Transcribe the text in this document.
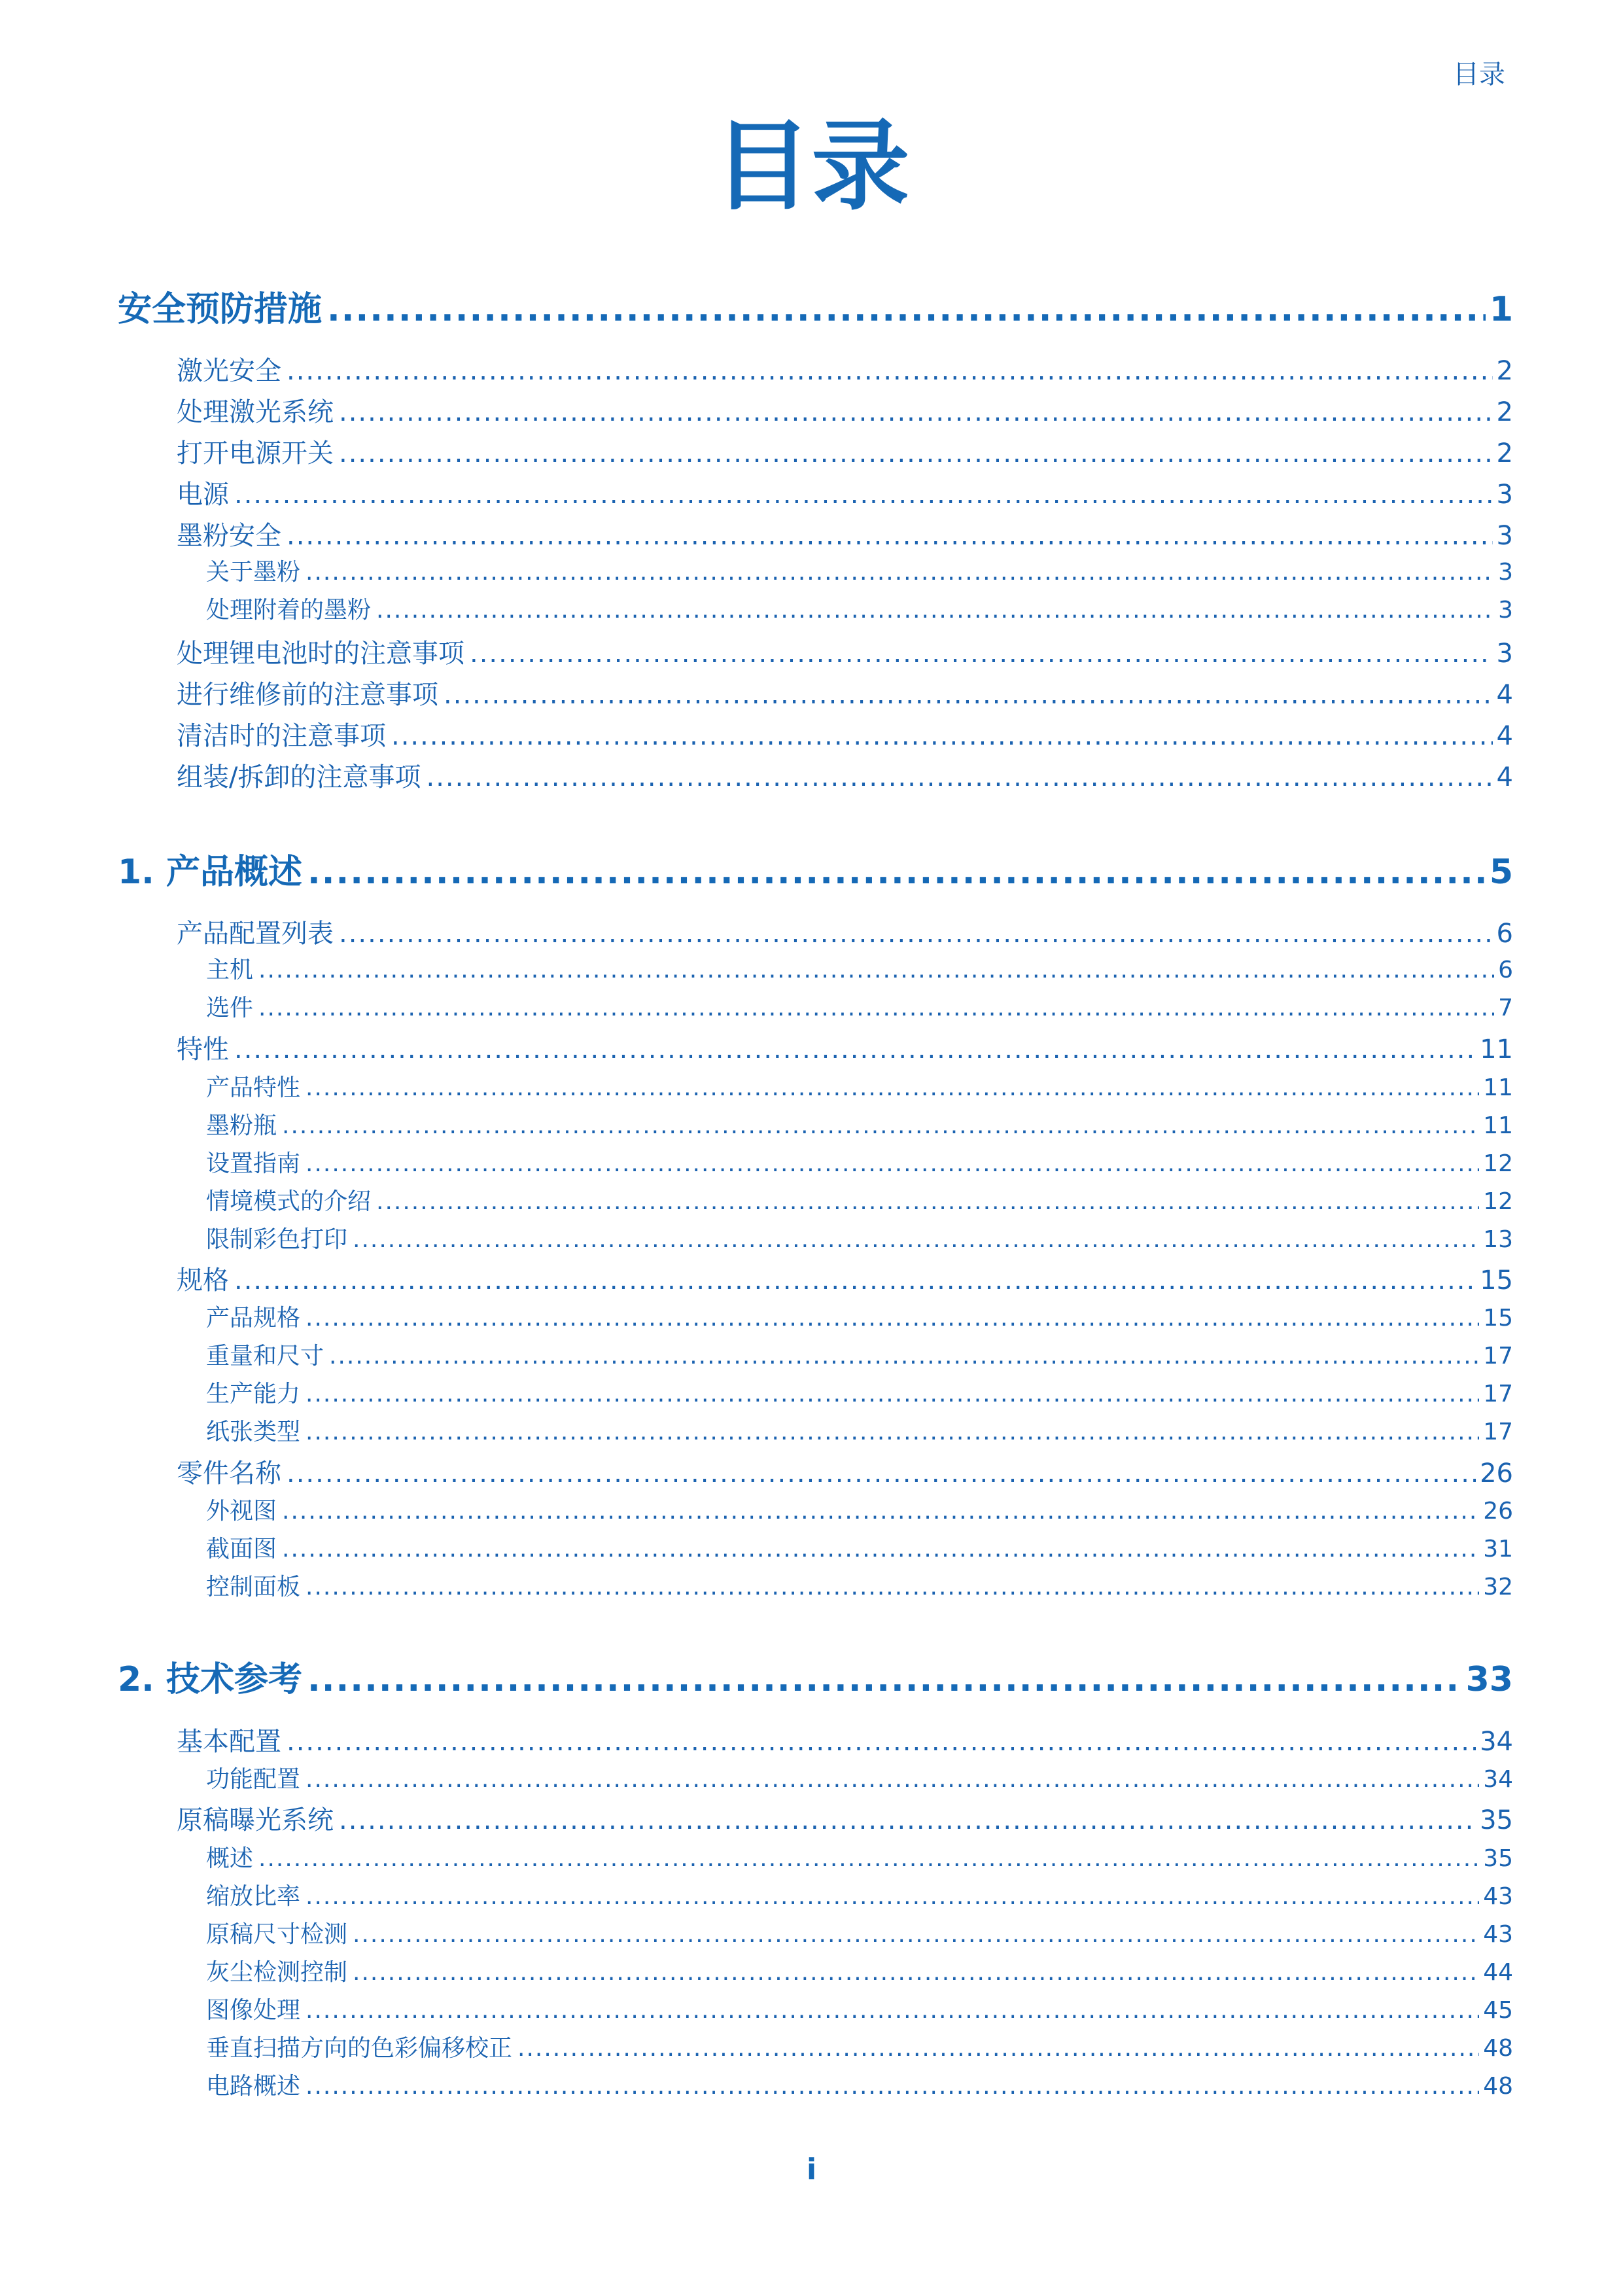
目录
目录
安全预防措施 .....	1
激光安全 .....	2
处理激光系统 .....	2
打开电源开关 .....	2
电源 .....	3
墨粉安全 .....	3
关于墨粉 .....	3
处理附着的墨粉 .....	3
处理锂电池时的注意事项 .....	3
进行维修前的注意事项 .....	4
清洁时的注意事项 .....	4
组装/拆卸的注意事项 .....	4
1. 产品概述 .....	5
产品配置列表 .....	6
主机 .....	6
选件 .....	7
特性 .....	11
产品特性 .....	11
墨粉瓶 .....	11
设置指南 .....	12
情境模式的介绍 .....	12
限制彩色打印 .....	13
规格 .....	15
产品规格 .....	15
重量和尺寸 .....	17
生产能力 .....	17
纸张类型 .....	17
零件名称 .....	26
外视图 .....	26
截面图 .....	31
控制面板 .....	32
2. 技术参考 .....	33
基本配置 .....	34
功能配置 .....	34
原稿曝光系统 .....	35
概述 .....	35
缩放比率 .....	43
原稿尺寸检测 .....	43
灰尘检测控制 .....	44
图像处理 .....	45
垂直扫描方向的色彩偏移校正 .....	48
电路概述 .....	48
i
